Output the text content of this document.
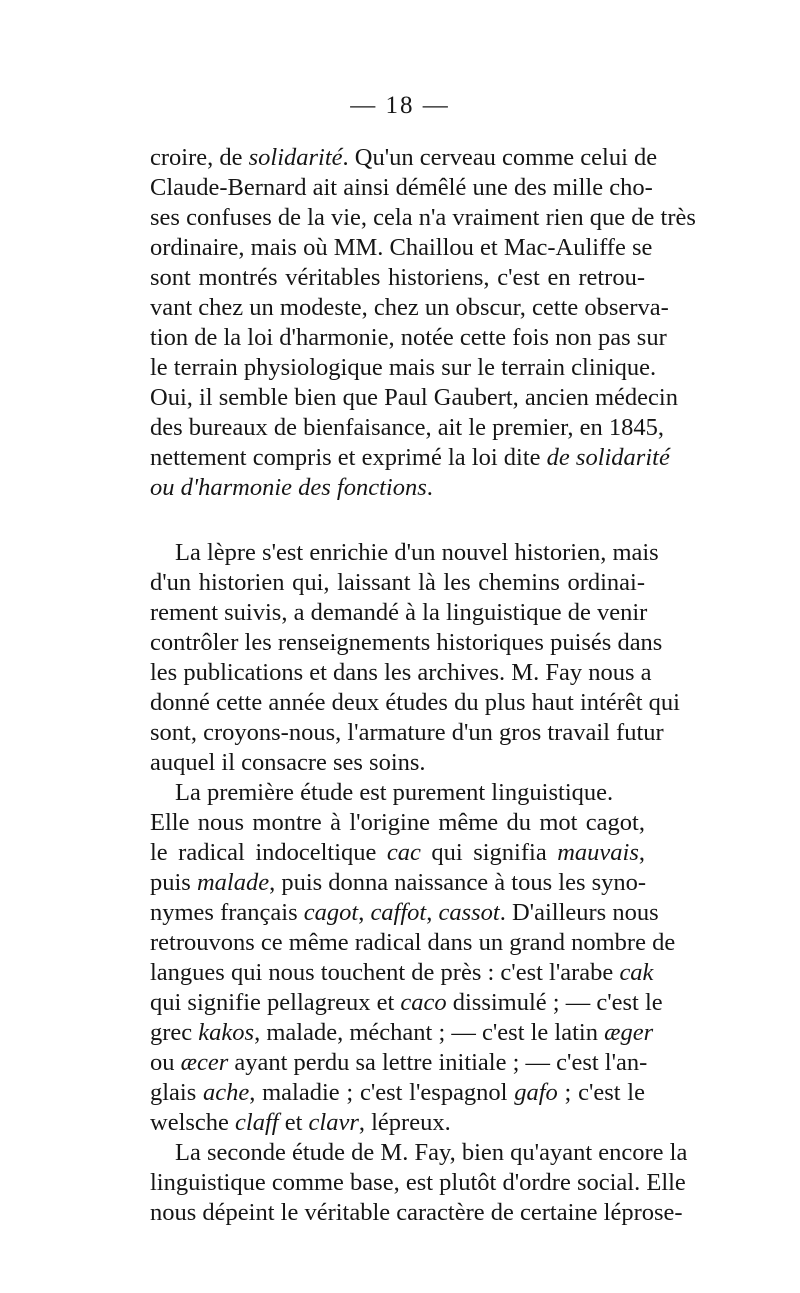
— 18 —
croire, de solidarité. Qu'un cerveau comme celui de
Claude-Bernard ait ainsi démêlé une des mille cho-
ses confuses de la vie, cela n'a vraiment rien que de très
ordinaire, mais où MM. Chaillou et Mac-Auliffe se
sont montrés véritables historiens, c'est en retrou-
vant chez un modeste, chez un obscur, cette observa-
tion de la loi d'harmonie, notée cette fois non pas sur
le terrain physiologique mais sur le terrain clinique.
Oui, il semble bien que Paul Gaubert, ancien médecin
des bureaux de bienfaisance, ait le premier, en 1845,
nettement compris et exprimé la loi dite de solidarité
ou d'harmonie des fonctions.
La lèpre s'est enrichie d'un nouvel historien, mais
d'un historien qui, laissant là les chemins ordinai-
rement suivis, a demandé à la linguistique de venir
contrôler les renseignements historiques puisés dans
les publications et dans les archives. M. Fay nous a
donné cette année deux études du plus haut intérêt qui
sont, croyons-nous, l'armature d'un gros travail futur
auquel il consacre ses soins.
La première étude est purement linguistique.
Elle nous montre à l'origine même du mot cagot,
le radical indoceltique cac qui signifia mauvais,
puis malade, puis donna naissance à tous les syno-
nymes français cagot, caffot, cassot. D'ailleurs nous
retrouvons ce même radical dans un grand nombre de
langues qui nous touchent de près : c'est l'arabe cak
qui signifie pellagreux et caco dissimulé ; — c'est le
grec kakos, malade, méchant ; — c'est le latin æger
ou æcer ayant perdu sa lettre initiale ; — c'est l'an-
glais ache, maladie ; c'est l'espagnol gafo ; c'est le
welsche claff et clavr, lépreux.
La seconde étude de M. Fay, bien qu'ayant encore la
linguistique comme base, est plutôt d'ordre social. Elle
nous dépeint le véritable caractère de certaine léprose-
